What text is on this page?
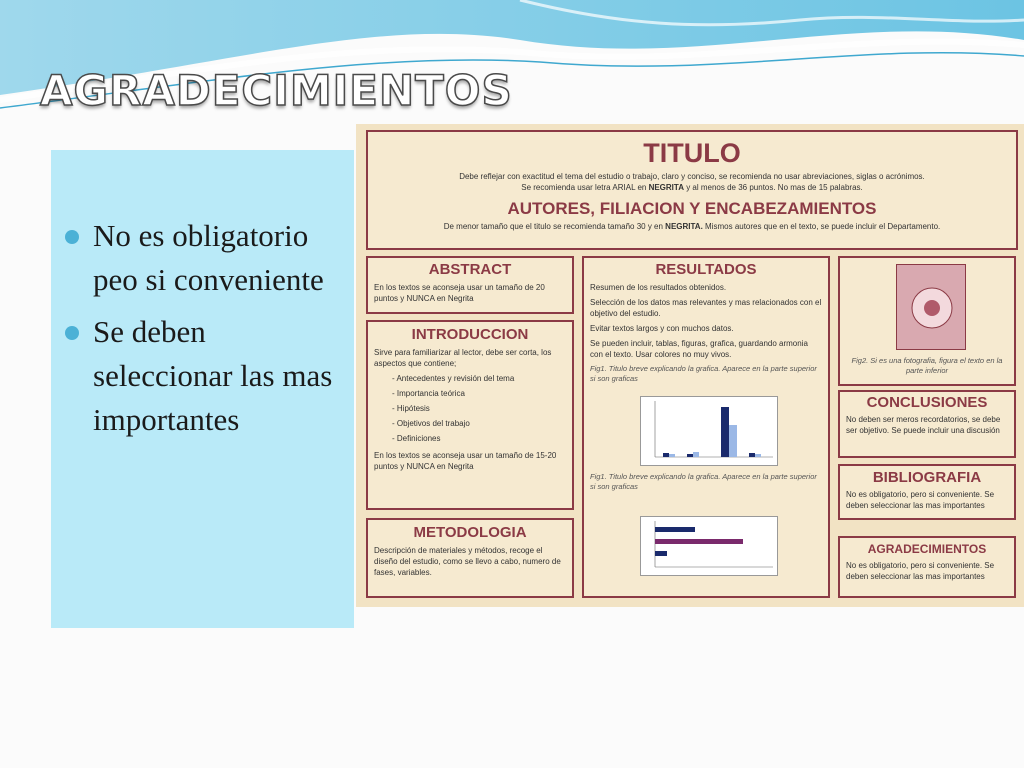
AGRADECIMIENTOS
No es obligatorio peo si conveniente
Se deben seleccionar las mas importantes
TITULO
Debe reflejar con exactitud el tema del estudio o trabajo, claro y conciso, se recomienda no usar abreviaciones, siglas o acrónimos.
Se recomienda usar letra ARIAL en NEGRITA y al menos de 36 puntos. No mas de 15 palabras.
AUTORES, FILIACION Y ENCABEZAMIENTOS
De menor tamaño que el titulo se recomienda tamaño 30 y en NEGRITA. Mismos autores que en el texto, se puede incluir el Departamento.
ABSTRACT
En los textos se aconseja usar un tamaño de 20 puntos y NUNCA en Negrita
INTRODUCCION
Sirve para familiarizar al lector, debe ser corta, los aspectos que contiene;
- Antecedentes y revisión del tema
- Importancia teórica
- Hipótesis
- Objetivos del trabajo
- Definiciones
En los textos se aconseja usar un tamaño de 15-20 puntos y NUNCA en Negrita
METODOLOGIA
Descripción de materiales y métodos, recoge el diseño del estudio, como se llevo a cabo, numero de fases, variables.
RESULTADOS
Resumen de los resultados obtenidos.
Selección de los datos mas relevantes y mas relacionados con el objetivo del estudio.
Evitar textos largos y con muchos datos.
Se pueden incluir, tablas, figuras, grafica, guardando armonia con el texto. Usar colores no muy vivos.
Fig1. Titulo breve explicando la grafica. Aparece en la parte superior si son graficas
Fig1. Titulo breve explicando la grafica. Aparece en la parte superior si son graficas
Fig2. Si es una fotografia, figura el texto en la parte inferior
CONCLUSIONES
No deben ser meros recordatorios, se debe ser objetivo. Se puede incluir una discusión
BIBLIOGRAFIA
No es obligatorio, pero si conveniente. Se deben seleccionar las mas importantes
AGRADECIMIENTOS
No es obligatorio, pero si conveniente. Se deben seleccionar las mas importantes
